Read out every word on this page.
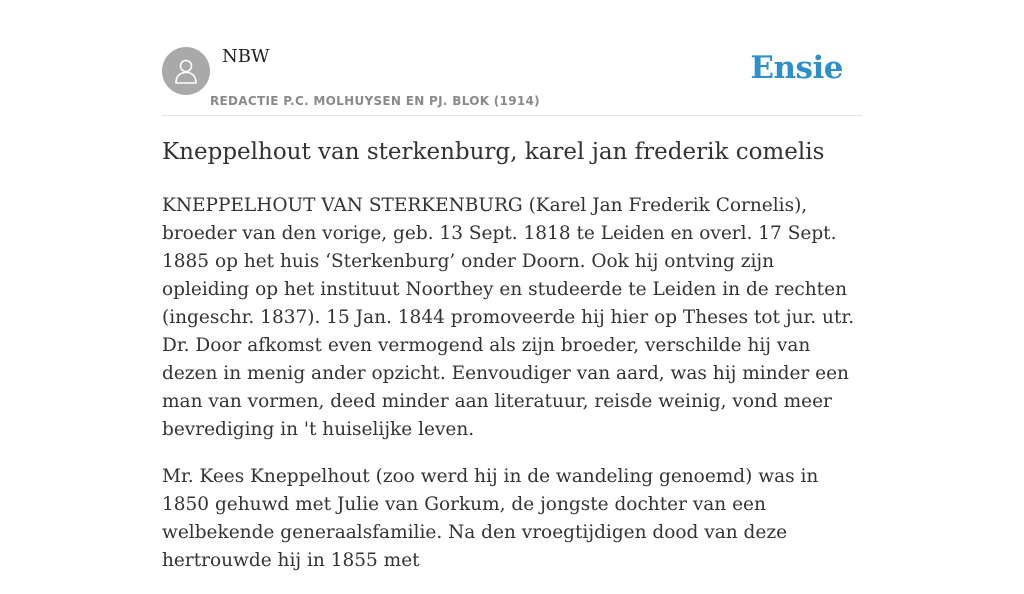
NBW
REDACTIE P.C. MOLHUYSEN EN PJ. BLOK (1914)
Ensie
Kneppelhout van sterkenburg, karel jan frederik comelis

KNEPPELHOUT VAN STERKENBURG (Karel Jan Frederik Cornelis), broeder van den vorige, geb. 13 Sept. 1818 te Leiden en overl. 17 Sept. 1885 op het huis ‘Sterkenburg’ onder Doorn. Ook hij ontving zijn opleiding op het instituut Noorthey en studeerde te Leiden in de rechten (ingeschr. 1837). 15 Jan. 1844 promoveerde hij hier op Theses tot jur. utr. Dr. Door afkomst even vermogend als zijn broeder, verschilde hij van dezen in menig ander opzicht. Eenvoudiger van aard, was hij minder een man van vormen, deed minder aan literatuur, reisde weinig, vond meer bevrediging in 't huiselijke leven.

Mr. Kees Kneppelhout (zoo werd hij in de wandeling genoemd) was in 1850 gehuwd met Julie van Gorkum, de jongste dochter van een welbekende generaalsfamilie. Na den vroegtijdigen dood van deze hertrouwde hij in 1855 met
